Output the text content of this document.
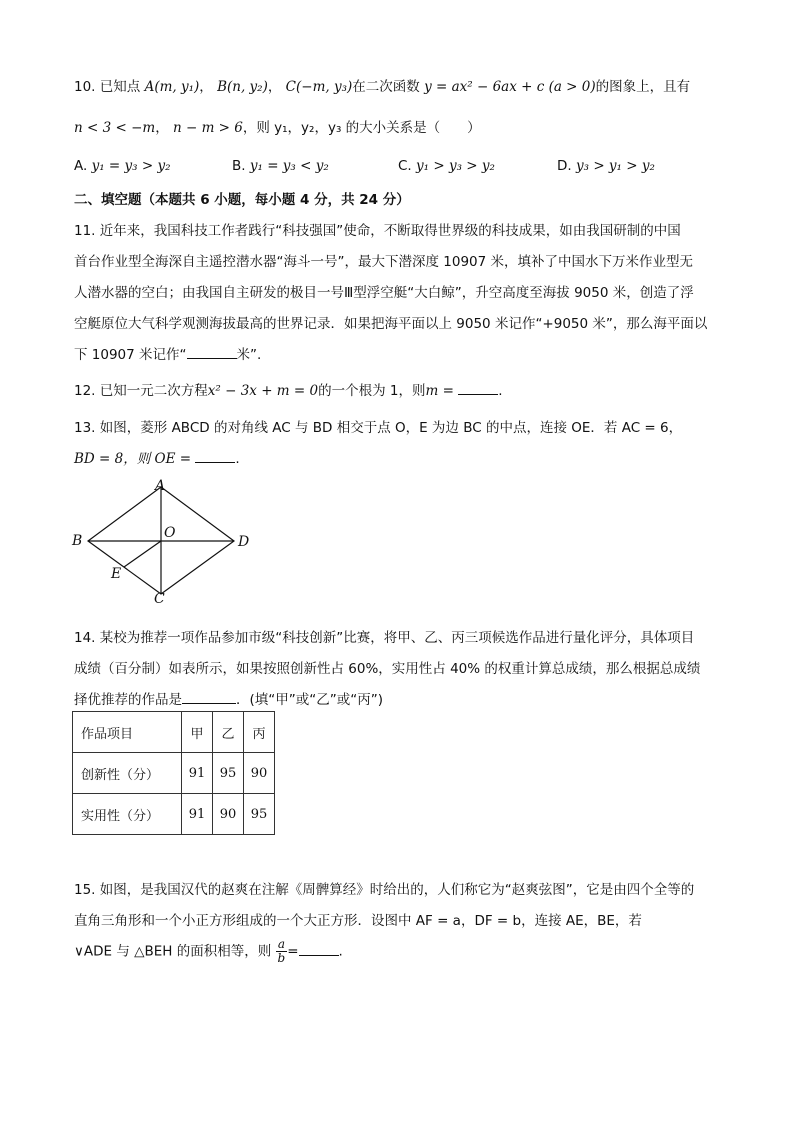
10. 已知点 A(m, y₁)， B(n, y₂)， C(−m, y₃)在二次函数 y = ax² − 6ax + c (a > 0)的图象上，且有
n < 3 < −m， n − m > 6，则 y₁，y₂，y₃ 的大小关系是（　　）
A. y₁ = y₃ > y₂	B. y₁ = y₃ < y₂	C. y₁ > y₃ > y₂	D. y₃ > y₁ > y₂
二、填空题（本题共 6 小题，每小题 4 分，共 24 分）
11. 近年来，我国科技工作者践行“科技强国”使命，不断取得世界级的科技成果，如由我国研制的中国
首台作业型全海深自主遥控潜水器“海斗一号”，最大下潜深度 10907 米，填补了中国水下万米作业型无
人潜水器的空白；由我国自主研发的极目一号Ⅲ型浮空艇“大白鲸”，升空高度至海拔 9050 米，创造了浮
空艇原位大气科学观测海拔最高的世界记录．如果把海平面以上 9050 米记作“+9050 米”，那么海平面以
下 10907 米记作“	米”.
12. 已知一元二次方程x² − 3x + m = 0的一个根为 1，则m =	.
13. 如图，菱形 ABCD 的对角线 AC 与 BD 相交于点 O，E 为边 BC 的中点，连接 OE．若 AC = 6，
BD = 8，则 OE =	.
A
B
C
D
O
E
14. 某校为推荐一项作品参加市级“科技创新”比赛，将甲、乙、丙三项候选作品进行量化评分，具体项目
成绩（百分制）如表所示，如果按照创新性占 60%，实用性占 40% 的权重计算总成绩，那么根据总成绩
择优推荐的作品是	．(填“甲”或“乙”或“丙”)
作品项目	甲	乙	丙
创新性（分）	91	95	90
实用性（分）	91	90	95
15. 如图，是我国汉代的赵爽在注解《周髀算经》时给出的，人们称它为“赵爽弦图”，它是由四个全等的
直角三角形和一个小正方形组成的一个大正方形．设图中 AF = a，DF = b，连接 AE，BE，若
∨ADE 与 △BEH 的面积相等，则 $\frac{a}{b}$ =	.
